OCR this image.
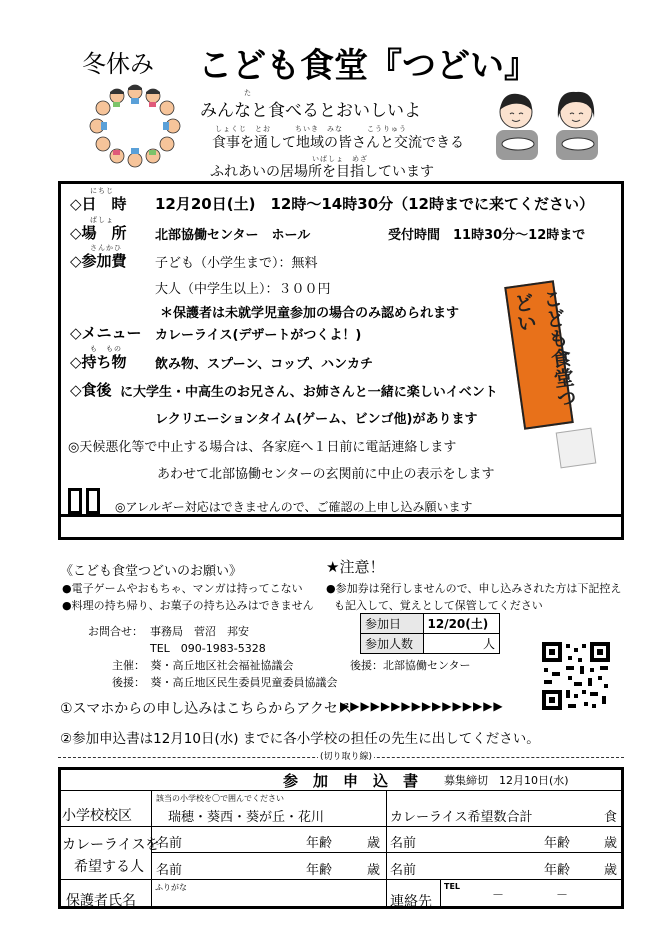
冬休み こども食堂『つどい』
た
みんなと食べるとおいしいよ
しょくじ　とお　　　ちいき　みな　　　こうりゅう
食事を通して地域の皆さんと交流できる
いばしょ　めざ
ふれあいの居場所を目指しています
にちじ
◇日　時 12月20日(土)　12時～14時30分（12時までに来てください）
ばしょ
◇場　所 北部協働センター　ホール	受付時間　11時30分～12時まで
さんかひ
◇参加費 子ども（小学生まで）：無料
大人（中学生以上）：３００円
＊保護者は未就学児童参加の場合のみ認められます
◇メニュー カレーライス(デザートがつくよ！)
も　もの
◇持ち物 飲み物、スプーン、コップ、ハンカチ
◇食後 に大学生・中高生のお兄さん、お姉さんと一緒に楽しいイベント
レクリエーションタイム(ゲーム、ビンゴ他)があります
◎天候悪化等で中止する場合は、各家庭へ１日前に電話連絡します
あわせて北部協働センターの玄関前に中止の表示をします
こども食堂つどい
◎アレルギー対応はできませんので、ご確認の上申し込み願います
《こども食堂つどいのお願い》
●電子ゲームやおもちゃ、マンガは持ってこない
●料理の持ち帰り、お菓子の持ち込みはできません
★注意！
●参加券は発行しませんので、申し込みされた方は下記控え
も記入して、覚えとして保管してください
お問合せ： 事務局　菅沼　邦安
TEL　090-1983-5328
参加日	12/20(土)
参加人数	人
主催：　葵・高丘地区社会福祉協議会	後援：北部協働センター
後援：　葵・高丘地区民生委員児童委員協議会
①スマホからの申し込みはこちらからアクセス
▶▶▶▶▶▶▶▶▶▶▶▶▶▶▶▶
②参加申込書は12月10日(水) までに各小学校の担任の先生に出してください。
(切り取り線)
参　加　申　込　書 募集締切　12月10日(水)
小学校校区
該当の小学校を〇で囲んでください
瑞穂・葵西・葵が丘・花川	カレーライス希望数合計	食
カレーライスを
希望する人
名前	年齢	歳 名前	年齢	歳
名前	年齢	歳 名前	年齢	歳
保護者氏名
ふりがな
連絡先
TEL
－	－
